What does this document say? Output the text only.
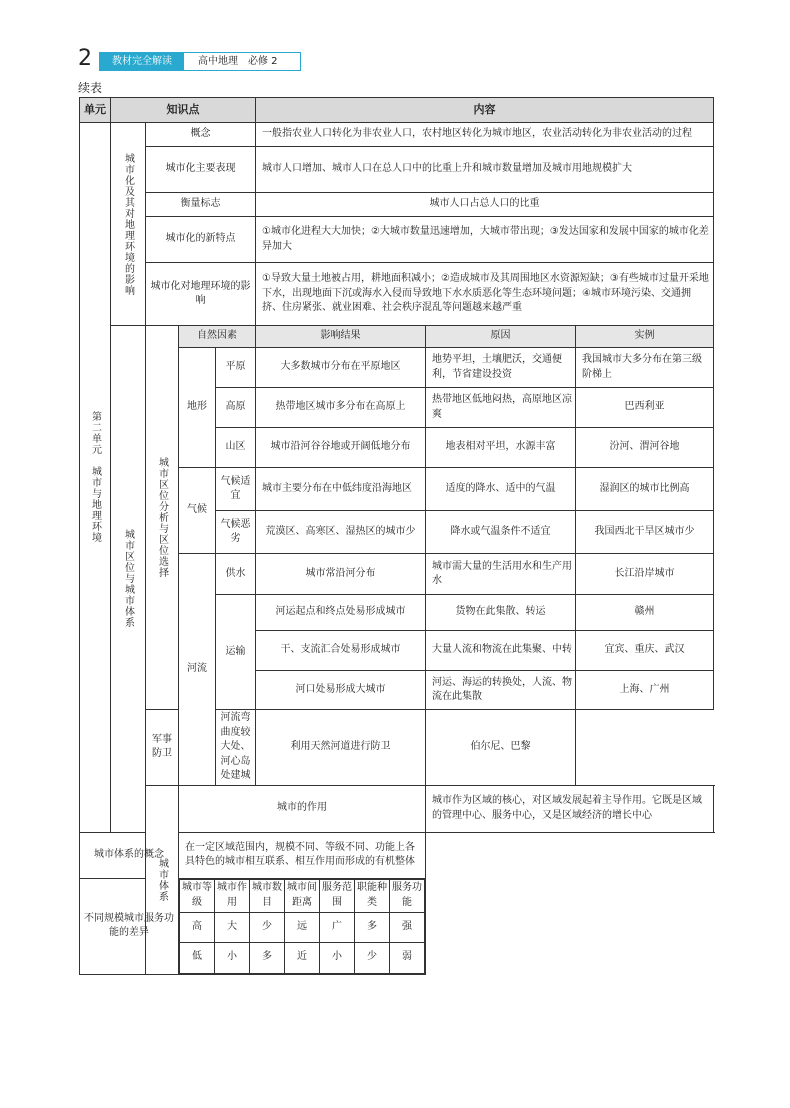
2	教材完全解读	高中地理　必修 2
续表
单元	知识点	内容

第二单元　城市与地理环境

城市化及其对地理环境的影响
	概念	一般指农业人口转化为非农业人口，农村地区转化为城市地区，农业活动转化为非农业活动的过程
城市化主要表现	城市人口增加、城市人口在总人口中的比重上升和城市数量增加及城市用地规模扩大
衡量标志	城市人口占总人口的比重
城市化的新特点	①城市化进程大大加快；②大城市数量迅速增加，大城市带出现；③发达国家和发展中国家的城市化差异加大
城市化对地理环境的影响	①导致大量土地被占用，耕地面积减小；②造成城市及其周围地区水资源短缺；③有些城市过量开采地下水，出现地面下沉或海水入侵而导致地下水水质恶化等生态环境问题；④城市环境污染、交通拥挤、住房紧张、就业困难、社会秩序混乱等问题越来越严重

城市区位与城市体系

城市区位分析与区位选择
	自然因素	影响结果	原因	实例
地形	平原	大多数城市分布在平原地区	地势平坦，土壤肥沃，交通便利，节省建设投资	我国城市大多分布在第三级阶梯上
高原	热带地区城市多分布在高原上	热带地区低地闷热，高原地区凉爽	巴西利亚
山区	城市沿河谷谷地或开阔低地分布	地表相对平坦，水源丰富	汾河、渭河谷地
气候	气候适宜	城市主要分布在中低纬度沿海地区	适度的降水、适中的气温	湿润区的城市比例高
气候恶劣	荒漠区、高寒区、湿热区的城市少	降水或气温条件不适宜	我国西北干旱区城市少
河流	供水	城市常沿河分布	城市需大量的生活用水和生产用水	长江沿岸城市
运输	河运起点和终点处易形成城市	货物在此集散、转运	赣州
干、支流汇合处易形成城市	大量人流和物流在此集聚、中转	宜宾、重庆、武汉
河口处易形成大城市	河运、海运的转换处，人流、物流在此集散	上海、广州
军事防卫	河流弯曲度较大处、河心岛处建城	利用天然河道进行防卫	伯尔尼、巴黎

城市体系
	城市的作用	城市作为区域的核心，对区域发展起着主导作用。它既是区域的管理中心、服务中心，又是区域经济的增长中心
城市体系的概念	在一定区域范围内，规模不同、等级不同、功能上各具特色的城市相互联系、相互作用而形成的有机整体
不同规模城市服务功能的差异	
城市等级	城市作用	城市数目	城市间距离	服务范围	职能种类	服务功能
高	大	少	远	广	多	强
低	小	多	近	小	少	弱
